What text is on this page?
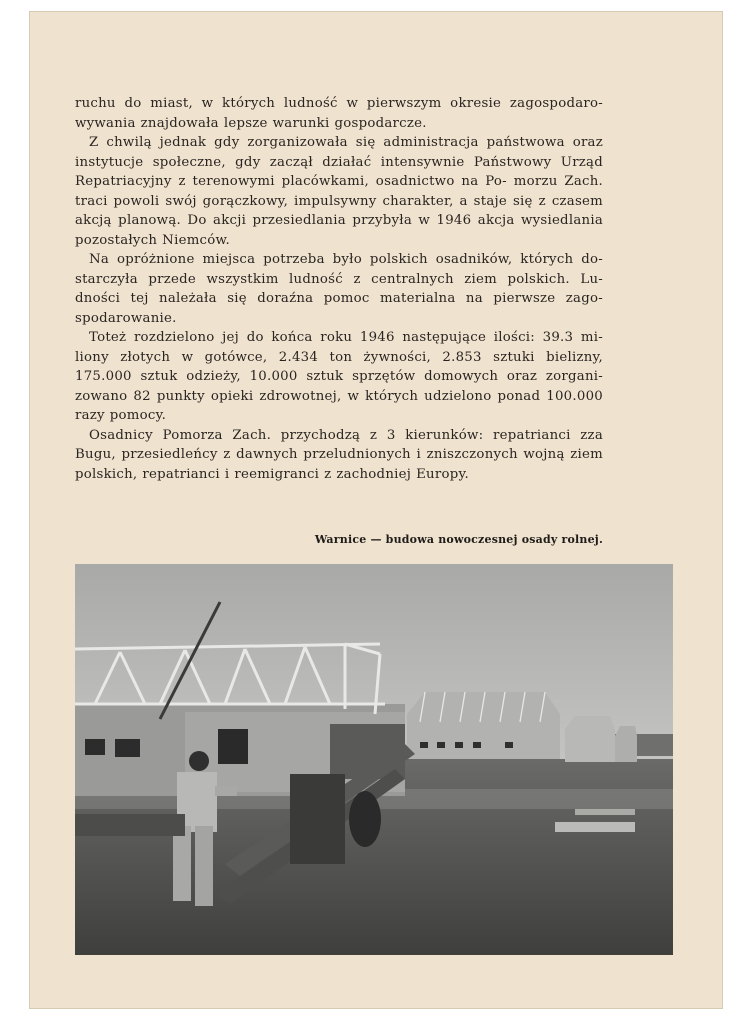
ruchu do miast, w których ludność w pierwszym okresie zagospodaro- wywania znajdowała lepsze warunki gospodarcze.

Z chwilą jednak gdy zorganizowała się administracja państwowa oraz instytucje społeczne, gdy zaczął działać intensywnie Państwowy Urząd Repatriacyjny z terenowymi placówkami, osadnictwo na Po- morzu Zach. traci powoli swój gorączkowy, impulsywny charakter, a staje się z czasem akcją planową. Do akcji przesiedlania przybyła w 1946 akcja wysiedlania pozostałych Niemców.

Na opróżnione miejsca potrzeba było polskich osadników, których do- starczyła przede wszystkim ludność z centralnych ziem polskich. Lu- dności tej należała się doraźna pomoc materialna na pierwsze zago- spodarowanie.

Toteż rozdzielono jej do końca roku 1946 następujące ilości: 39.3 mi- liony złotych w gotówce, 2.434 ton żywności, 2.853 sztuki bielizny, 175.000 sztuk odzieży, 10.000 sztuk sprzętów domowych oraz zorgani- zowano 82 punkty opieki zdrowotnej, w których udzielono ponad 100.000 razy pomocy.

Osadnicy Pomorza Zach. przychodzą z 3 kierunków: repatrianci zza Bugu, przesiedleńcy z dawnych przeludnionych i zniszczonych wojną ziem polskich, repatrianci i reemigranci z zachodniej Europy.

Warnice — budowa nowoczesnej osady rolnej.
